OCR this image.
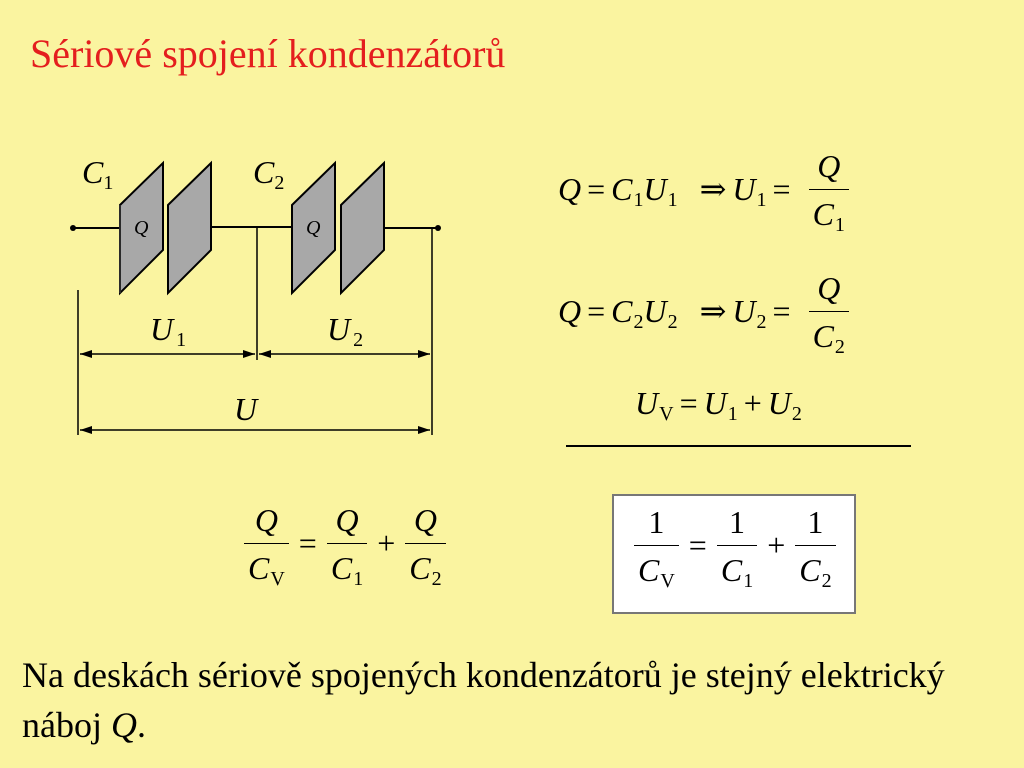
Sériové spojení kondenzátorů
C1	C2
Q	Q
U 1	U 2
U
$Q = C_1U_1$ ⇒ $U_1 = \frac{Q}{C_1}$
$Q = C_2U_2$ ⇒ $U_2 = \frac{Q}{C_2}$
$U_V = U_1 + U_2$
$\frac{Q}{C_V} = \frac{Q}{C_1} + \frac{Q}{C_2}$	$\frac{1}{C_V} = \frac{1}{C_1} + \frac{1}{C_2}$

Na deskách sériově spojených kondenzátorů je stejný elektrický náboj Q.
